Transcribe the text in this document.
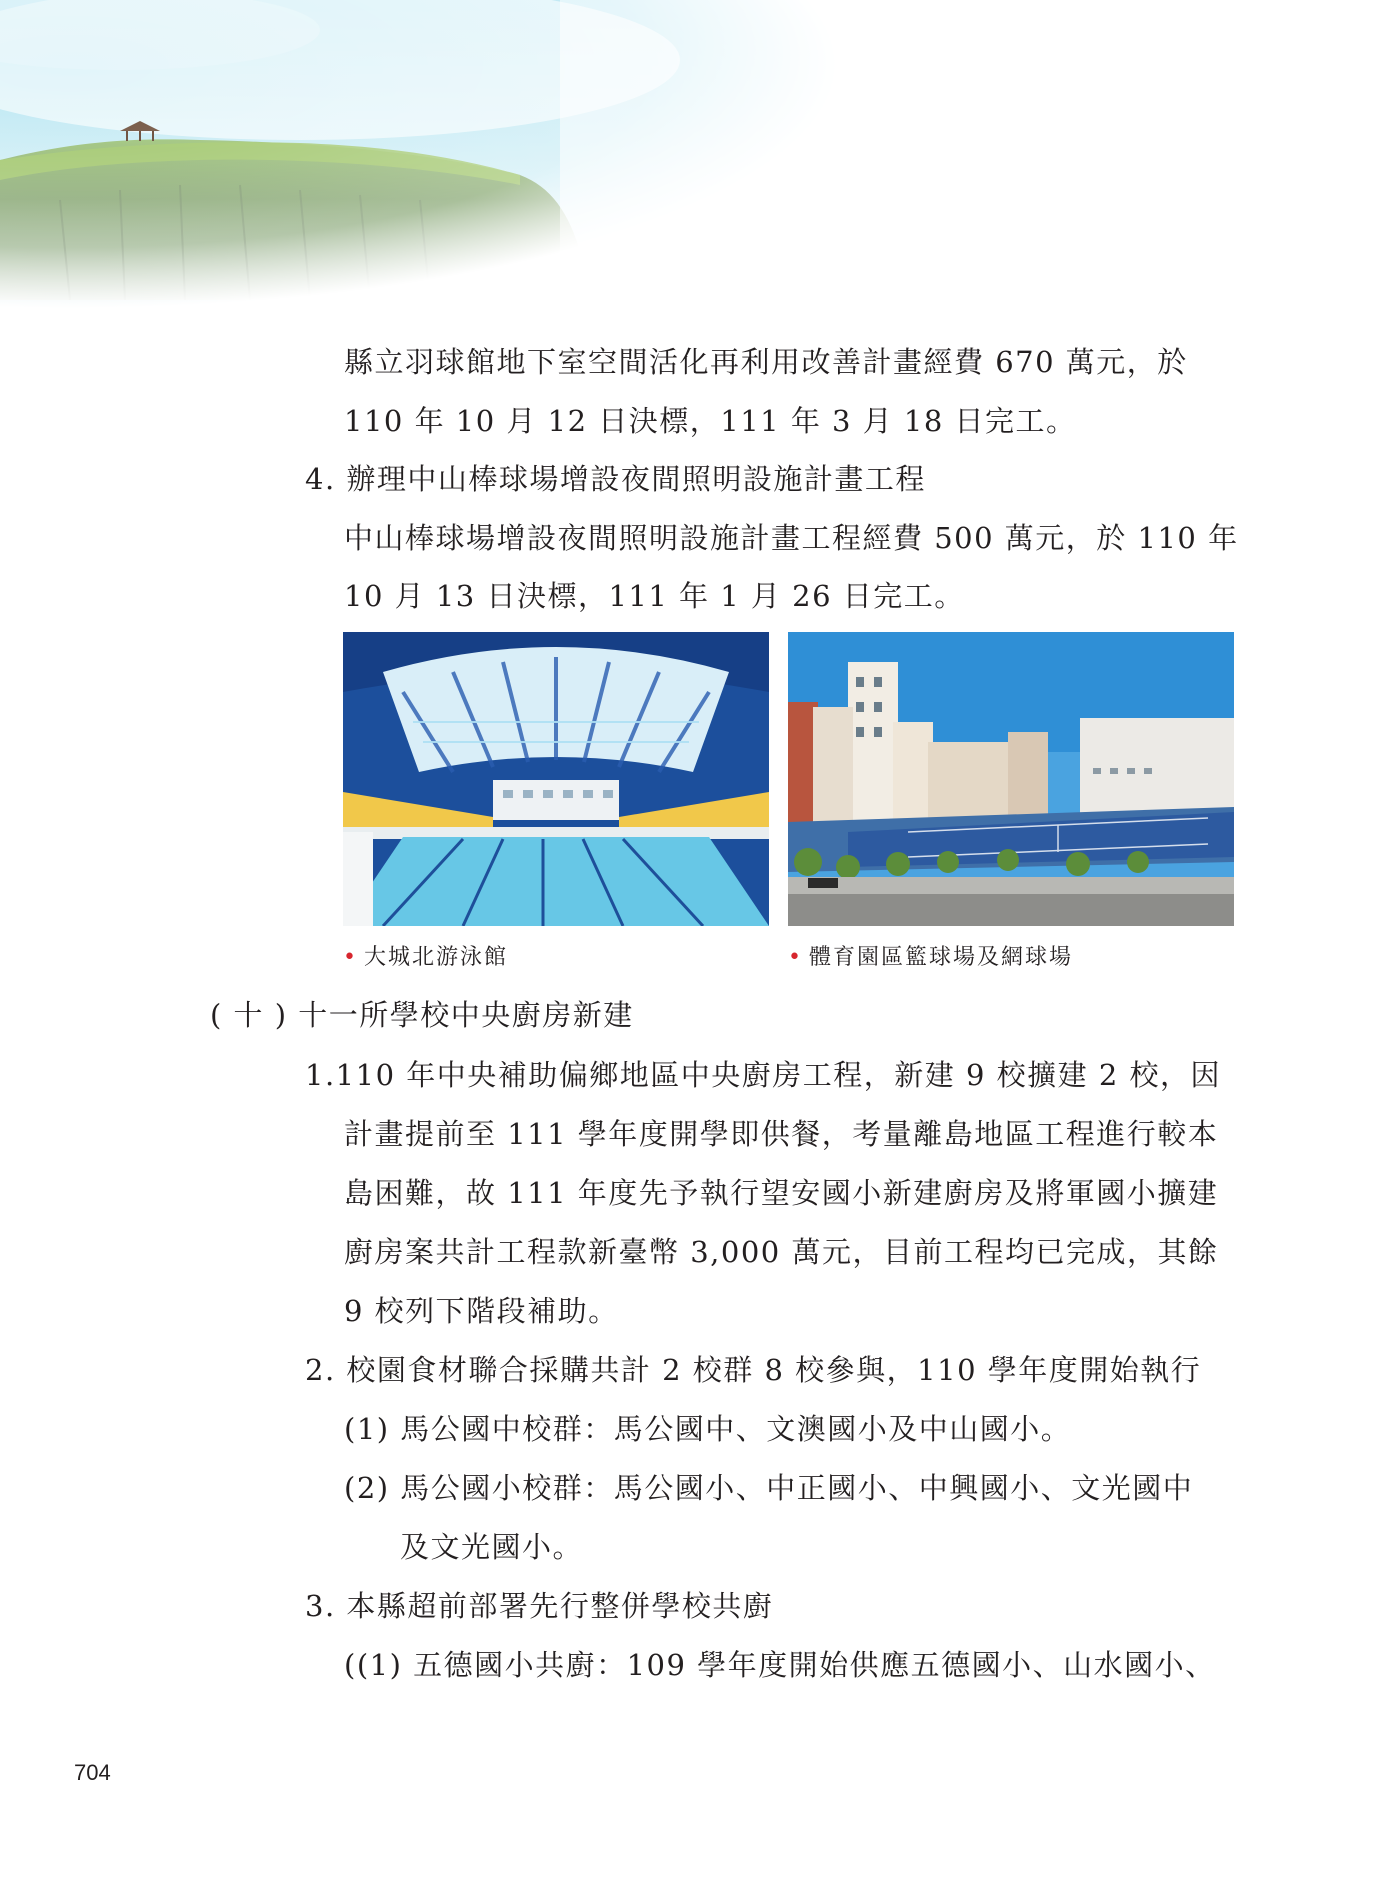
縣立羽球館地下室空間活化再利用改善計畫經費 670 萬元，於

110 年 10 月 12 日決標，111 年 3 月 18 日完工。

4. 辦理中山棒球場增設夜間照明設施計畫工程

中山棒球場增設夜間照明設施計畫工程經費 500 萬元，於 110 年

10 月 13 日決標，111 年 1 月 26 日完工。

• 大城北游泳館	• 體育園區籃球場及網球場

( 十 ) 十一所學校中央廚房新建

1.110 年中央補助偏鄉地區中央廚房工程，新建 9 校擴建 2 校，因

計畫提前至 111 學年度開學即供餐，考量離島地區工程進行較本

島困難，故 111 年度先予執行望安國小新建廚房及將軍國小擴建

廚房案共計工程款新臺幣 3,000 萬元，目前工程均已完成，其餘

9 校列下階段補助。

2. 校園食材聯合採購共計 2 校群 8 校參與，110 學年度開始執行

(1) 馬公國中校群：馬公國中、文澳國小及中山國小。

(2) 馬公國小校群：馬公國小、中正國小、中興國小、文光國中

及文光國小。

3. 本縣超前部署先行整併學校共廚

((1) 五德國小共廚：109 學年度開始供應五德國小、山水國小、

704
